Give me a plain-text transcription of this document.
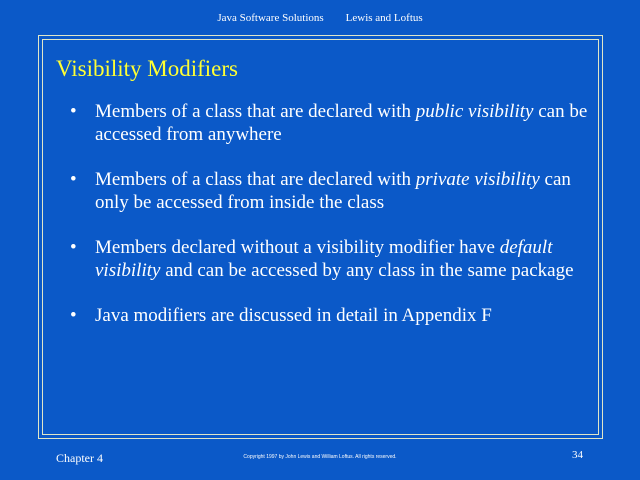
Java Software Solutions Lewis and Loftus
Visibility Modifiers
• Members of a class that are declared with public visibility can be accessed from anywhere
• Members of a class that are declared with private visibility can only be accessed from inside the class
• Members declared without a visibility modifier have default visibility and can be accessed by any class in the same package
• Java modifiers are discussed in detail in Appendix F
Chapter 4	Copyright 1997 by John Lewis and William Loftus. All rights reserved.	34
